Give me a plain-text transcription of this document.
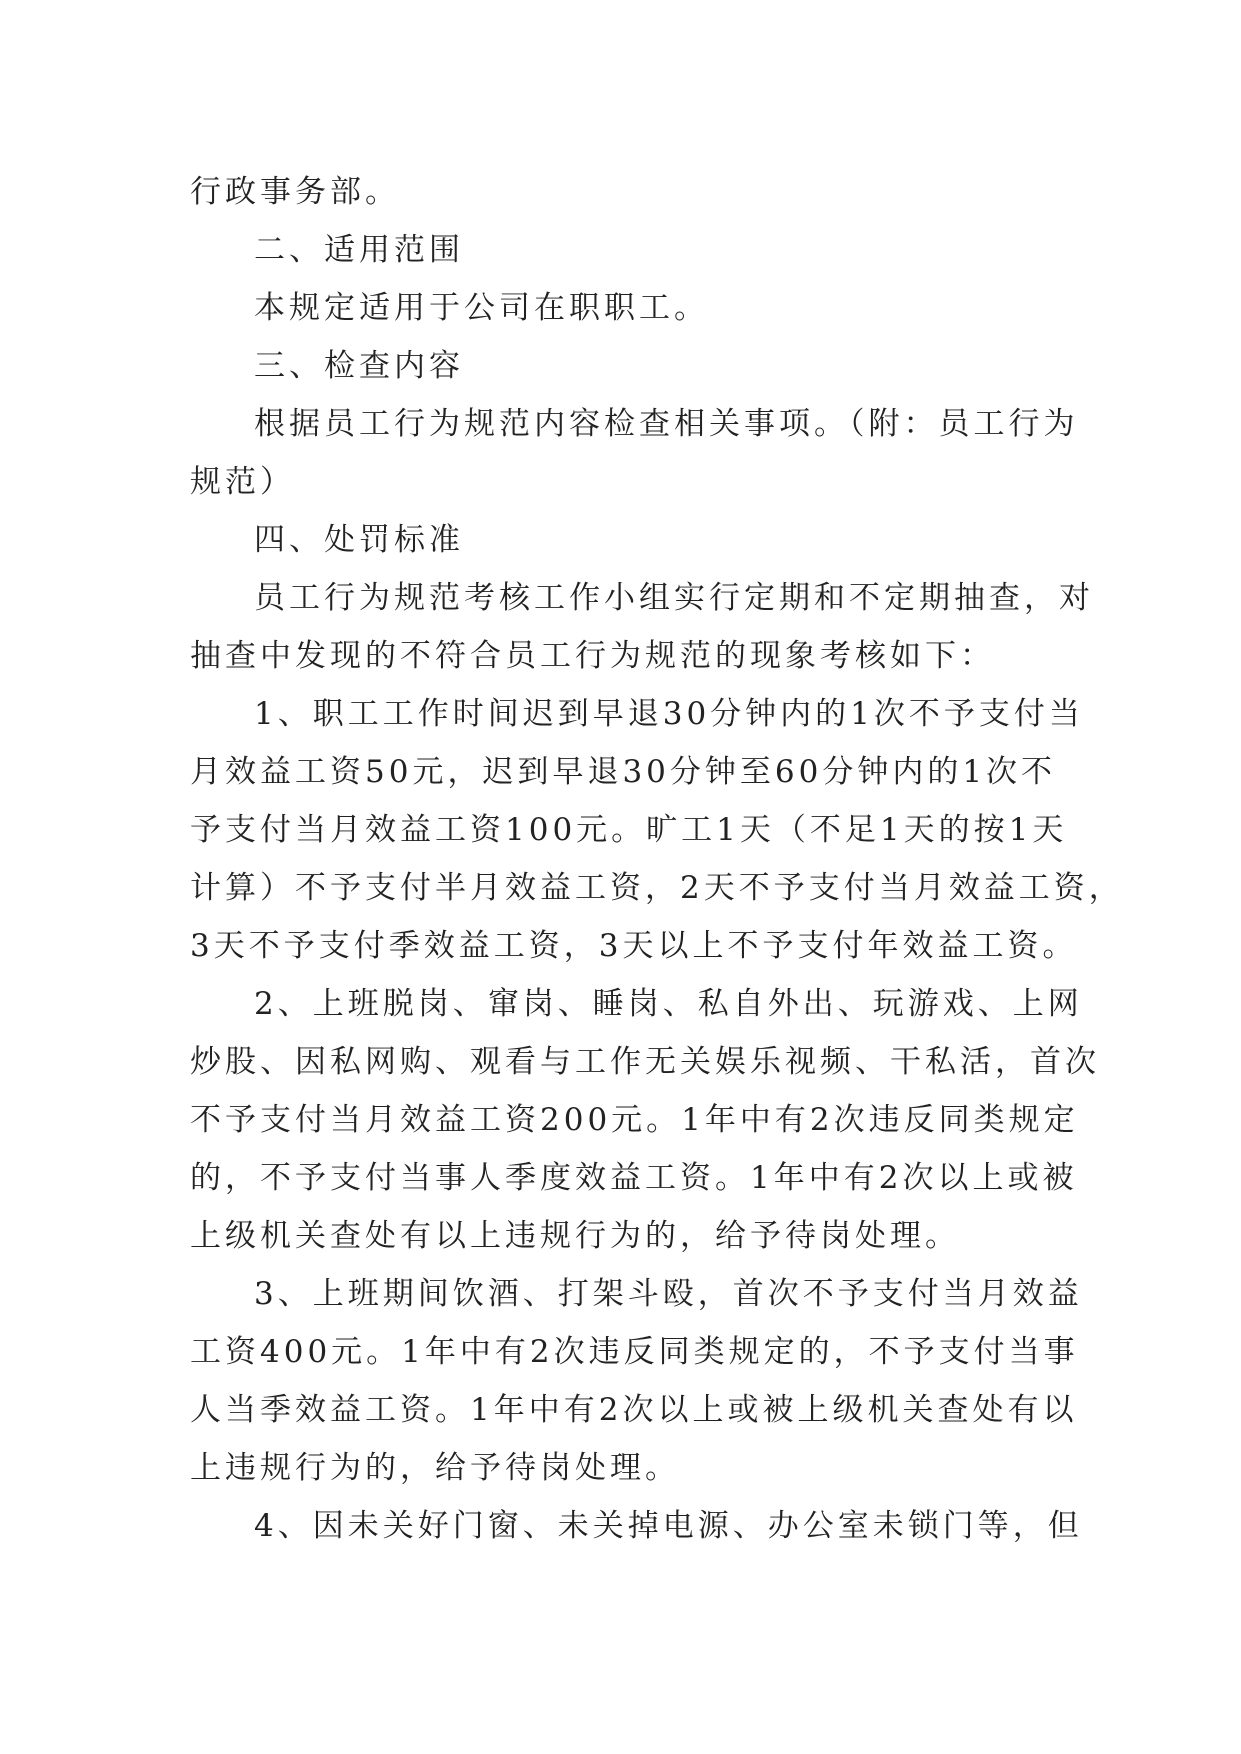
行政事务部。
二、适用范围
本规定适用于公司在职职工。
三、检查内容
根据员工行为规范内容检查相关事项。（附：员工行为
规范）
四、处罚标准
员工行为规范考核工作小组实行定期和不定期抽查，对
抽查中发现的不符合员工行为规范的现象考核如下：
1、职工工作时间迟到早退30分钟内的1次不予支付当
月效益工资50元，迟到早退30分钟至60分钟内的1次不
予支付当月效益工资100元。旷工1天（不足1天的按1天
计算）不予支付半月效益工资，2天不予支付当月效益工资，
3天不予支付季效益工资，3天以上不予支付年效益工资。
2、上班脱岗、窜岗、睡岗、私自外出、玩游戏、上网
炒股、因私网购、观看与工作无关娱乐视频、干私活，首次
不予支付当月效益工资200元。1年中有2次违反同类规定
的，不予支付当事人季度效益工资。1年中有2次以上或被
上级机关查处有以上违规行为的，给予待岗处理。
3、上班期间饮酒、打架斗殴，首次不予支付当月效益
工资400元。1年中有2次违反同类规定的，不予支付当事
人当季效益工资。1年中有2次以上或被上级机关查处有以
上违规行为的，给予待岗处理。
4、因未关好门窗、未关掉电源、办公室未锁门等，但
